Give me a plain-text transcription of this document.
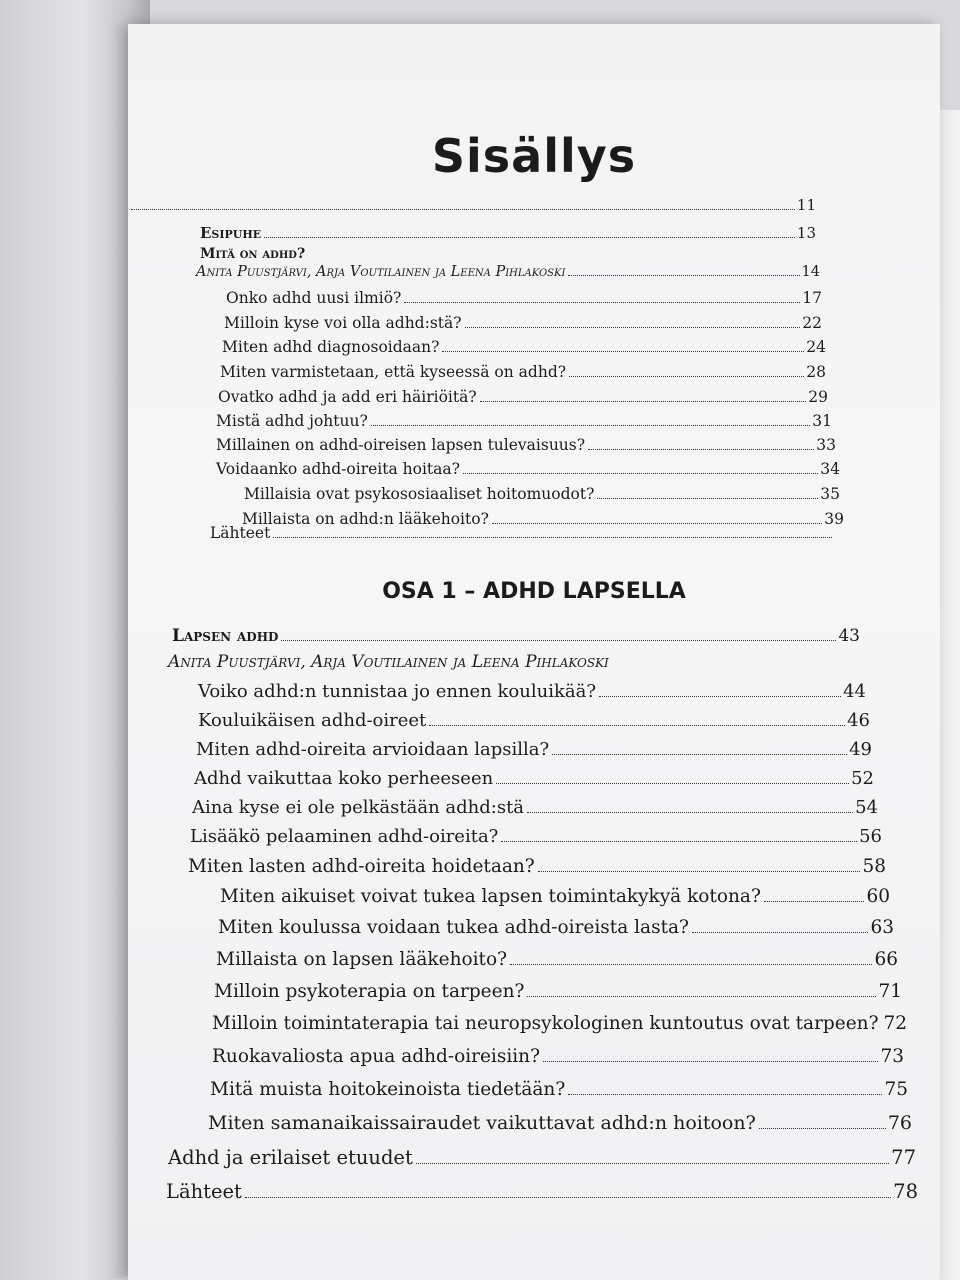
Sisällys
11
Esipuhe	13
Mitä on adhd?
Anita Puustjärvi, Arja Voutilainen ja Leena Pihlakoski	14
Onko adhd uusi ilmiö?	17
Milloin kyse voi olla adhd:stä?	22
Miten adhd diagnosoidaan?	24
Miten varmistetaan, että kyseessä on adhd?	28
Ovatko adhd ja add eri häiriöitä?	29
Mistä adhd johtuu?	31
Millainen on adhd-oireisen lapsen tulevaisuus?	33
Voidaanko adhd-oireita hoitaa?	34
Millaisia ovat psykososiaaliset hoitomuodot?	35
Millaista on adhd:n lääkehoito?	39
Lähteet
OSA 1 – ADHD LAPSELLA
Lapsen adhd	43
Anita Puustjärvi, Arja Voutilainen ja Leena Pihlakoski
Voiko adhd:n tunnistaa jo ennen kouluikää?	44
Kouluikäisen adhd-oireet	46
Miten adhd-oireita arvioidaan lapsilla?	49
Adhd vaikuttaa koko perheeseen	52
Aina kyse ei ole pelkästään adhd:stä	54
Lisääkö pelaaminen adhd-oireita?	56
Miten lasten adhd-oireita hoidetaan?	58
Miten aikuiset voivat tukea lapsen toimintakykyä kotona?	60
Miten koulussa voidaan tukea adhd-oireista lasta?	63
Millaista on lapsen lääkehoito?	66
Milloin psykoterapia on tarpeen?	71
Milloin toimintaterapia tai neuropsykologinen kuntoutus ovat tarpeen? 72
Ruokavaliosta apua adhd-oireisiin?	73
Mitä muista hoitokeinoista tiedetään?	75
Miten samanaikaissairaudet vaikuttavat adhd:n hoitoon?	76
Adhd ja erilaiset etuudet	77
Lähteet	78
